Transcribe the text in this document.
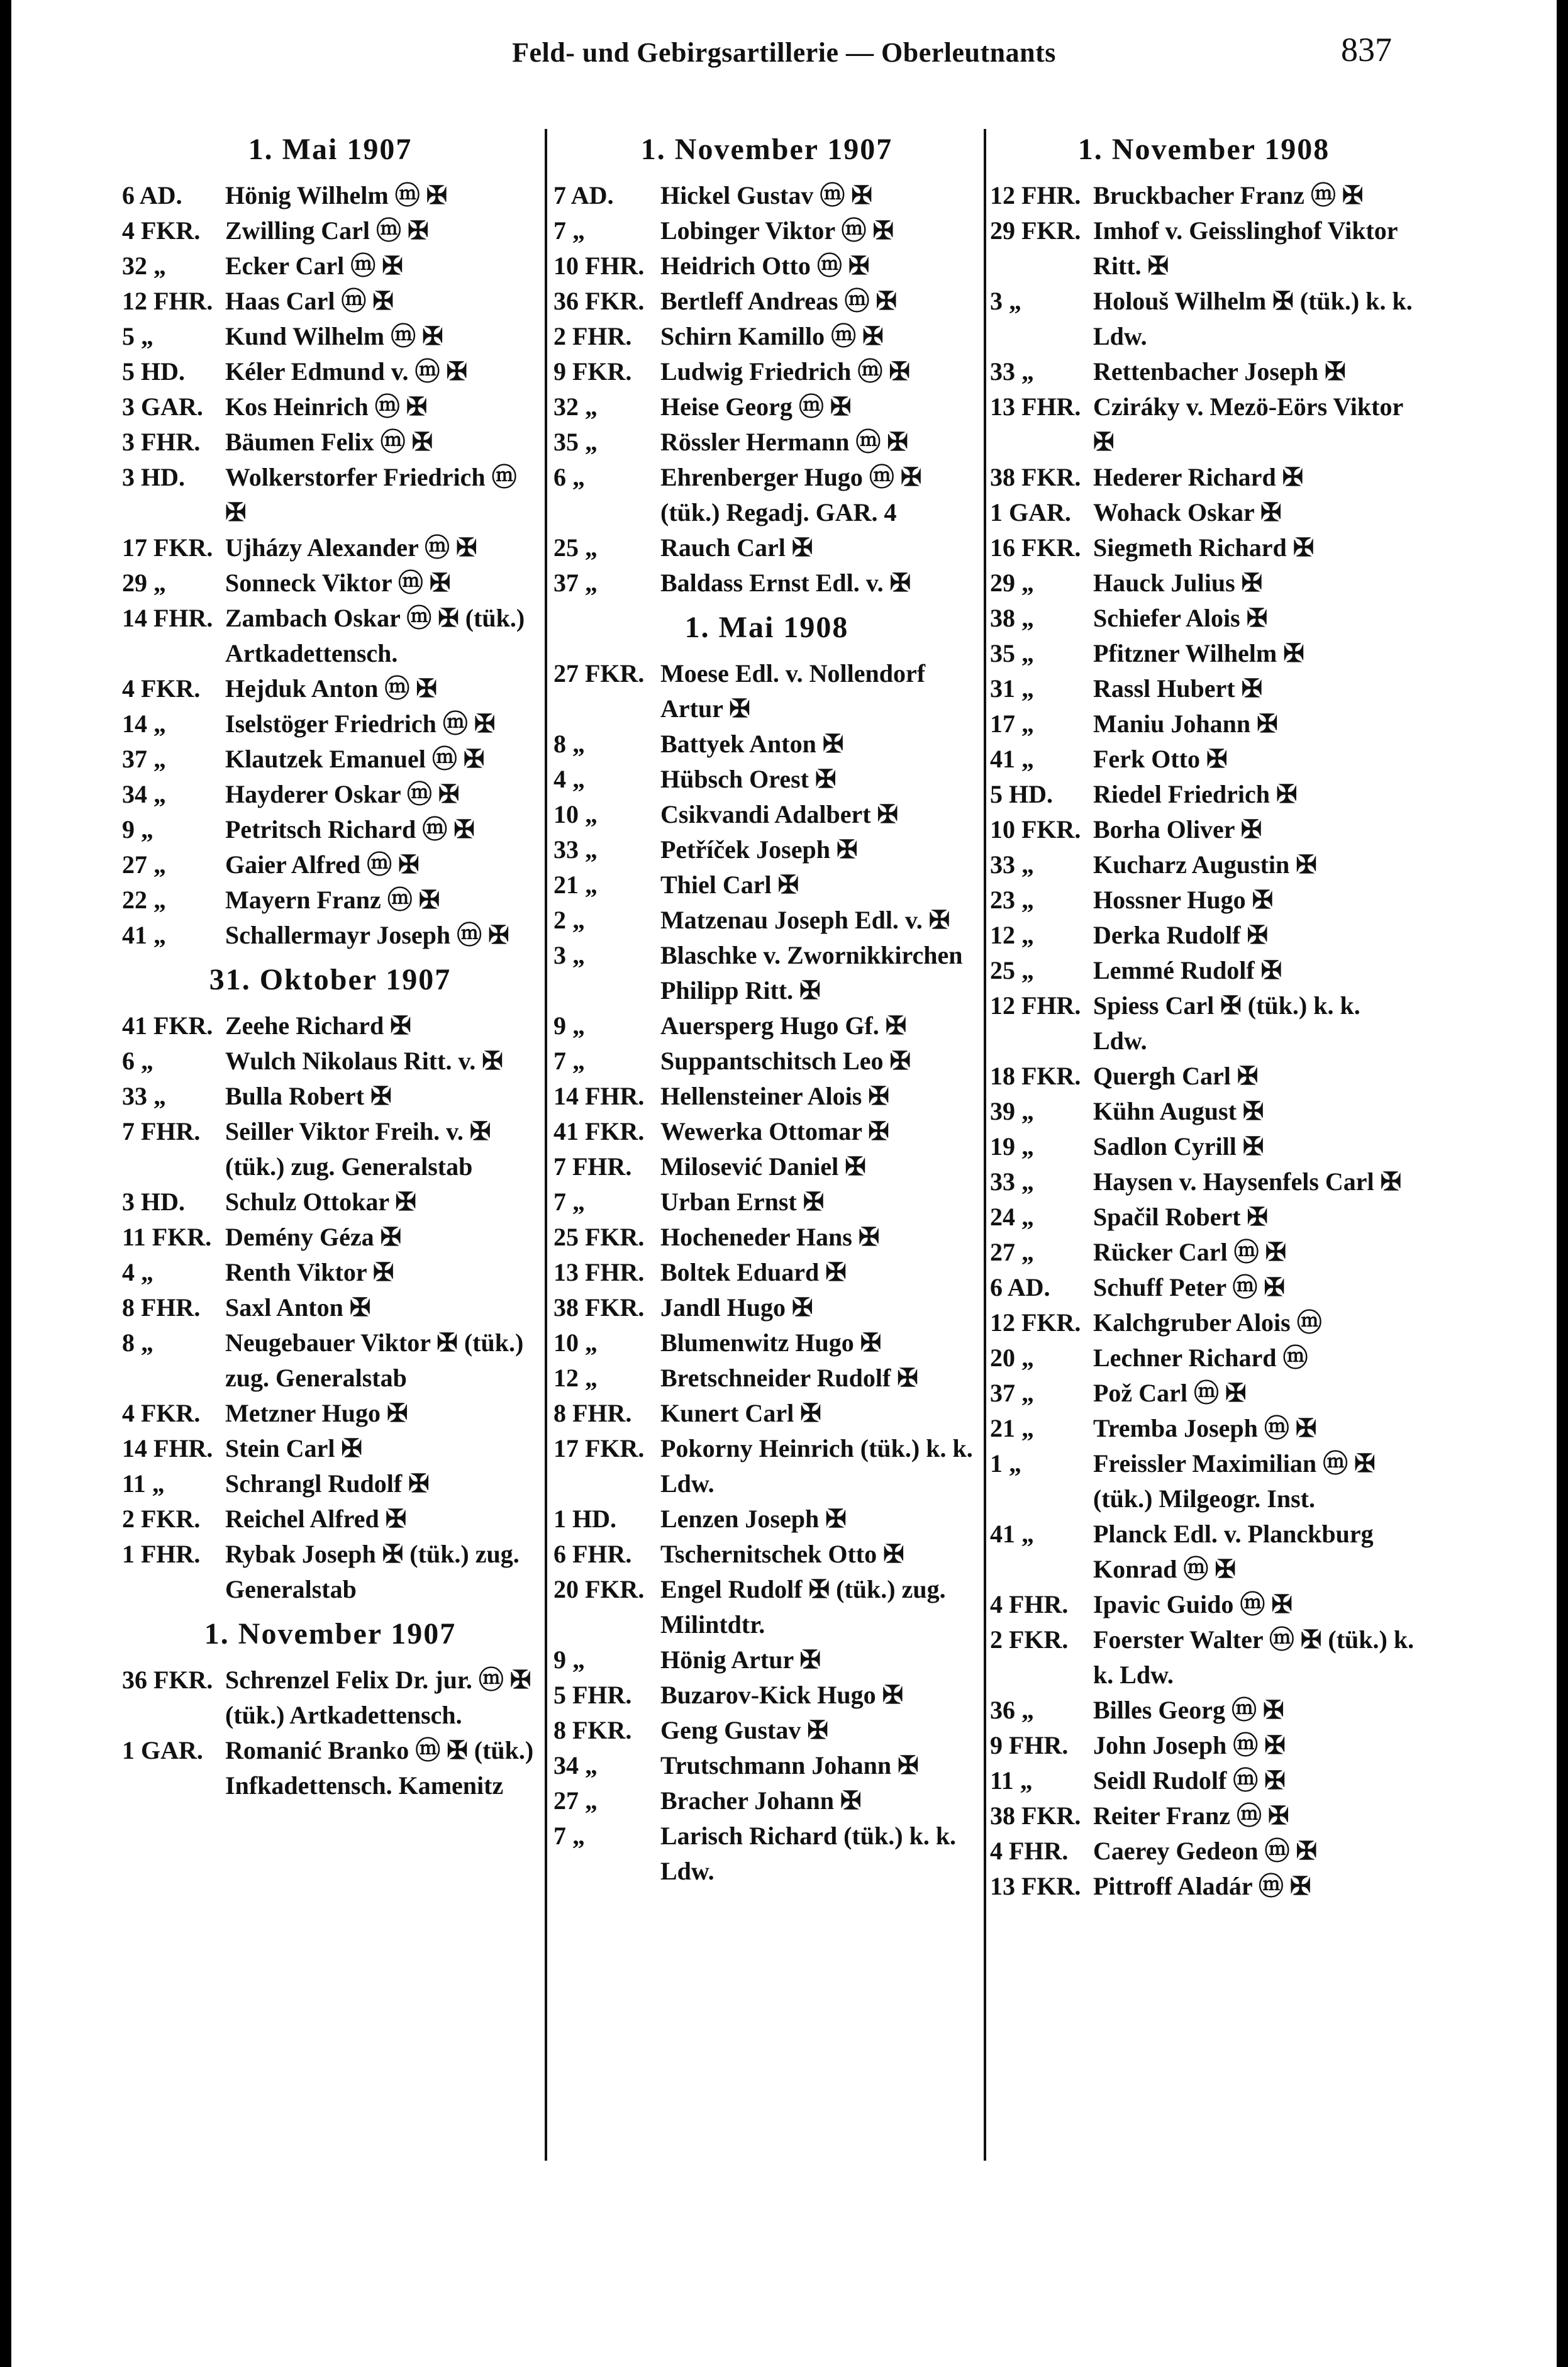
Feld- und Gebirgsartillerie — Oberleutnants	837
1. Mai 1907
6 AD.	Hönig Wilhelm ⓜ ✠
4 FKR. Zwilling Carl ⓜ ✠
32 „	Ecker Carl ⓜ ✠
12 FHR. Haas Carl ⓜ ✠
5 „	Kund Wilhelm ⓜ ✠
5 HD.	Kéler Edmund v. ⓜ ✠
3 GAR. Kos Heinrich ⓜ ✠
3 FHR. Bäumen Felix ⓜ ✠
3 HD.	Wolkerstorfer Friedrich ⓜ ✠
17 FKR. Ujházy Alexander ⓜ ✠
29 „	Sonneck Viktor ⓜ ✠
14 FHR. Zambach Oskar ⓜ ✠ (tük.) Artkadettensch.
4 FKR. Hejduk Anton ⓜ ✠
14 „	Iselstöger Friedrich ⓜ ✠
37 „	Klautzek Emanuel ⓜ ✠
34 „	Hayderer Oskar ⓜ ✠
9 „	Petritsch Richard ⓜ ✠
27 „	Gaier Alfred ⓜ ✠
22 „	Mayern Franz ⓜ ✠
41 „	Schallermayr Joseph ⓜ ✠
31. Oktober 1907
41 FKR. Zeehe Richard ✠
6 „	Wulch Nikolaus Ritt. v. ✠
33 „	Bulla Robert ✠
7 FHR. Seiller Viktor Freih. v. ✠ (tük.) zug. Generalstab
3 HD.	Schulz Ottokar ✠
11 FKR. Demény Géza ✠
4 „	Renth Viktor ✠
8 FHR. Saxl Anton ✠
8 „	Neugebauer Viktor ✠ (tük.) zug. Generalstab
4 FKR. Metzner Hugo ✠
14 FHR. Stein Carl ✠
11 „	Schrangl Rudolf ✠
2 FKR. Reichel Alfred ✠
1 FHR. Rybak Joseph ✠ (tük.) zug. Generalstab
1. November 1907
36 FKR. Schrenzel Felix Dr. jur. ⓜ ✠ (tük.) Artkadettensch.
1 GAR. Romanić Branko ⓜ ✠ (tük.) Infkadettensch. Kamenitz
1. November 1907
7 AD.	Hickel Gustav ⓜ ✠
7 „	Lobinger Viktor ⓜ ✠
10 FHR. Heidrich Otto ⓜ ✠
36 FKR. Bertleff Andreas ⓜ ✠
2 FHR.	Schirn Kamillo ⓜ ✠
9 FKR.	Ludwig Friedrich ⓜ ✠
32 „	Heise Georg ⓜ ✠
35 „	Rössler Hermann ⓜ ✠
6 „	Ehrenberger Hugo ⓜ ✠ (tük.) Regadj. GAR. 4
25 „	Rauch Carl ✠
37 „	Baldass Ernst Edl. v. ✠
1. Mai 1908
27 FKR. Moese Edl. v. Nollendorf Artur ✠
8 „	Battyek Anton ✠
4 „	Hübsch Orest ✠
10 „	Csikvandi Adalbert ✠
33 „	Petříček Joseph ✠
21 „	Thiel Carl ✠
2 „	Matzenau Joseph Edl. v. ✠
3 „	Blaschke v. Zwornikkirchen Philipp Ritt. ✠
9 „	Auersperg Hugo Gf. ✠
7 „	Suppantschitsch Leo ✠
14 FHR. Hellensteiner Alois ✠
41 FKR. Wewerka Ottomar ✠
7 FHR.	Milosević Daniel ✠
7 „	Urban Ernst ✠
25 FKR. Hocheneder Hans ✠
13 FHR. Boltek Eduard ✠
38 FKR. Jandl Hugo ✠
10 „	Blumenwitz Hugo ✠
12 „	Bretschneider Rudolf ✠
8 FHR.	Kunert Carl ✠
17 FKR. Pokorny Heinrich (tük.) k. k. Ldw.
1 HD.	Lenzen Joseph ✠
6 FHR.	Tschernitschek Otto ✠
20 FKR. Engel Rudolf ✠ (tük.) zug. Milintdtr.
9 „	Hönig Artur ✠
5 FHR.	Buzarov-Kick Hugo ✠
8 FKR.	Geng Gustav ✠
34 „	Trutschmann Johann ✠
27 „	Bracher Johann ✠
7 „	Larisch Richard (tük.) k. k. Ldw.
1. November 1908
12 FHR. Bruckbacher Franz ⓜ ✠
29 FKR. Imhof v. Geisslinghof Viktor Ritt. ✠
3 „	Holouš Wilhelm ✠ (tük.) k. k. Ldw.
33 „	Rettenbacher Joseph ✠
13 FHR. Cziráky v. Mezö-Eörs Viktor ✠
38 FKR. Hederer Richard ✠
1 GAR. Wohack Oskar ✠
16 FKR. Siegmeth Richard ✠
29 „	Hauck Julius ✠
38 „	Schiefer Alois ✠
35 „	Pfitzner Wilhelm ✠
31 „	Rassl Hubert ✠
17 „	Maniu Johann ✠
41 „	Ferk Otto ✠
5 HD.	Riedel Friedrich ✠
10 FKR. Borha Oliver ✠
33 „	Kucharz Augustin ✠
23 „	Hossner Hugo ✠
12 „	Derka Rudolf ✠
25 „	Lemmé Rudolf ✠
12 FHR. Spiess Carl ✠ (tük.) k. k. Ldw.
18 FKR. Quergh Carl ✠
39 „	Kühn August ✠
19 „	Sadlon Cyrill ✠
33 „	Haysen v. Haysenfels Carl ✠
24 „	Spačil Robert ✠
27 „	Rücker Carl ⓜ ✠
6 AD.	Schuff Peter ⓜ ✠
12 FKR. Kalchgruber Alois ⓜ
20 „	Lechner Richard ⓜ
37 „	Pož Carl ⓜ ✠
21 „	Tremba Joseph ⓜ ✠
1 „	Freissler Maximilian ⓜ ✠ (tük.) Milgeogr. Inst.
41 „	Planck Edl. v. Planckburg Konrad ⓜ ✠
4 FHR. Ipavic Guido ⓜ ✠
2 FKR. Foerster Walter ⓜ ✠ (tük.) k. k. Ldw.
36 „	Billes Georg ⓜ ✠
9 FHR. John Joseph ⓜ ✠
11 „	Seidl Rudolf ⓜ ✠
38 FKR. Reiter Franz ⓜ ✠
4 FHR. Caerey Gedeon ⓜ ✠
13 FKR. Pittroff Aladár ⓜ ✠
